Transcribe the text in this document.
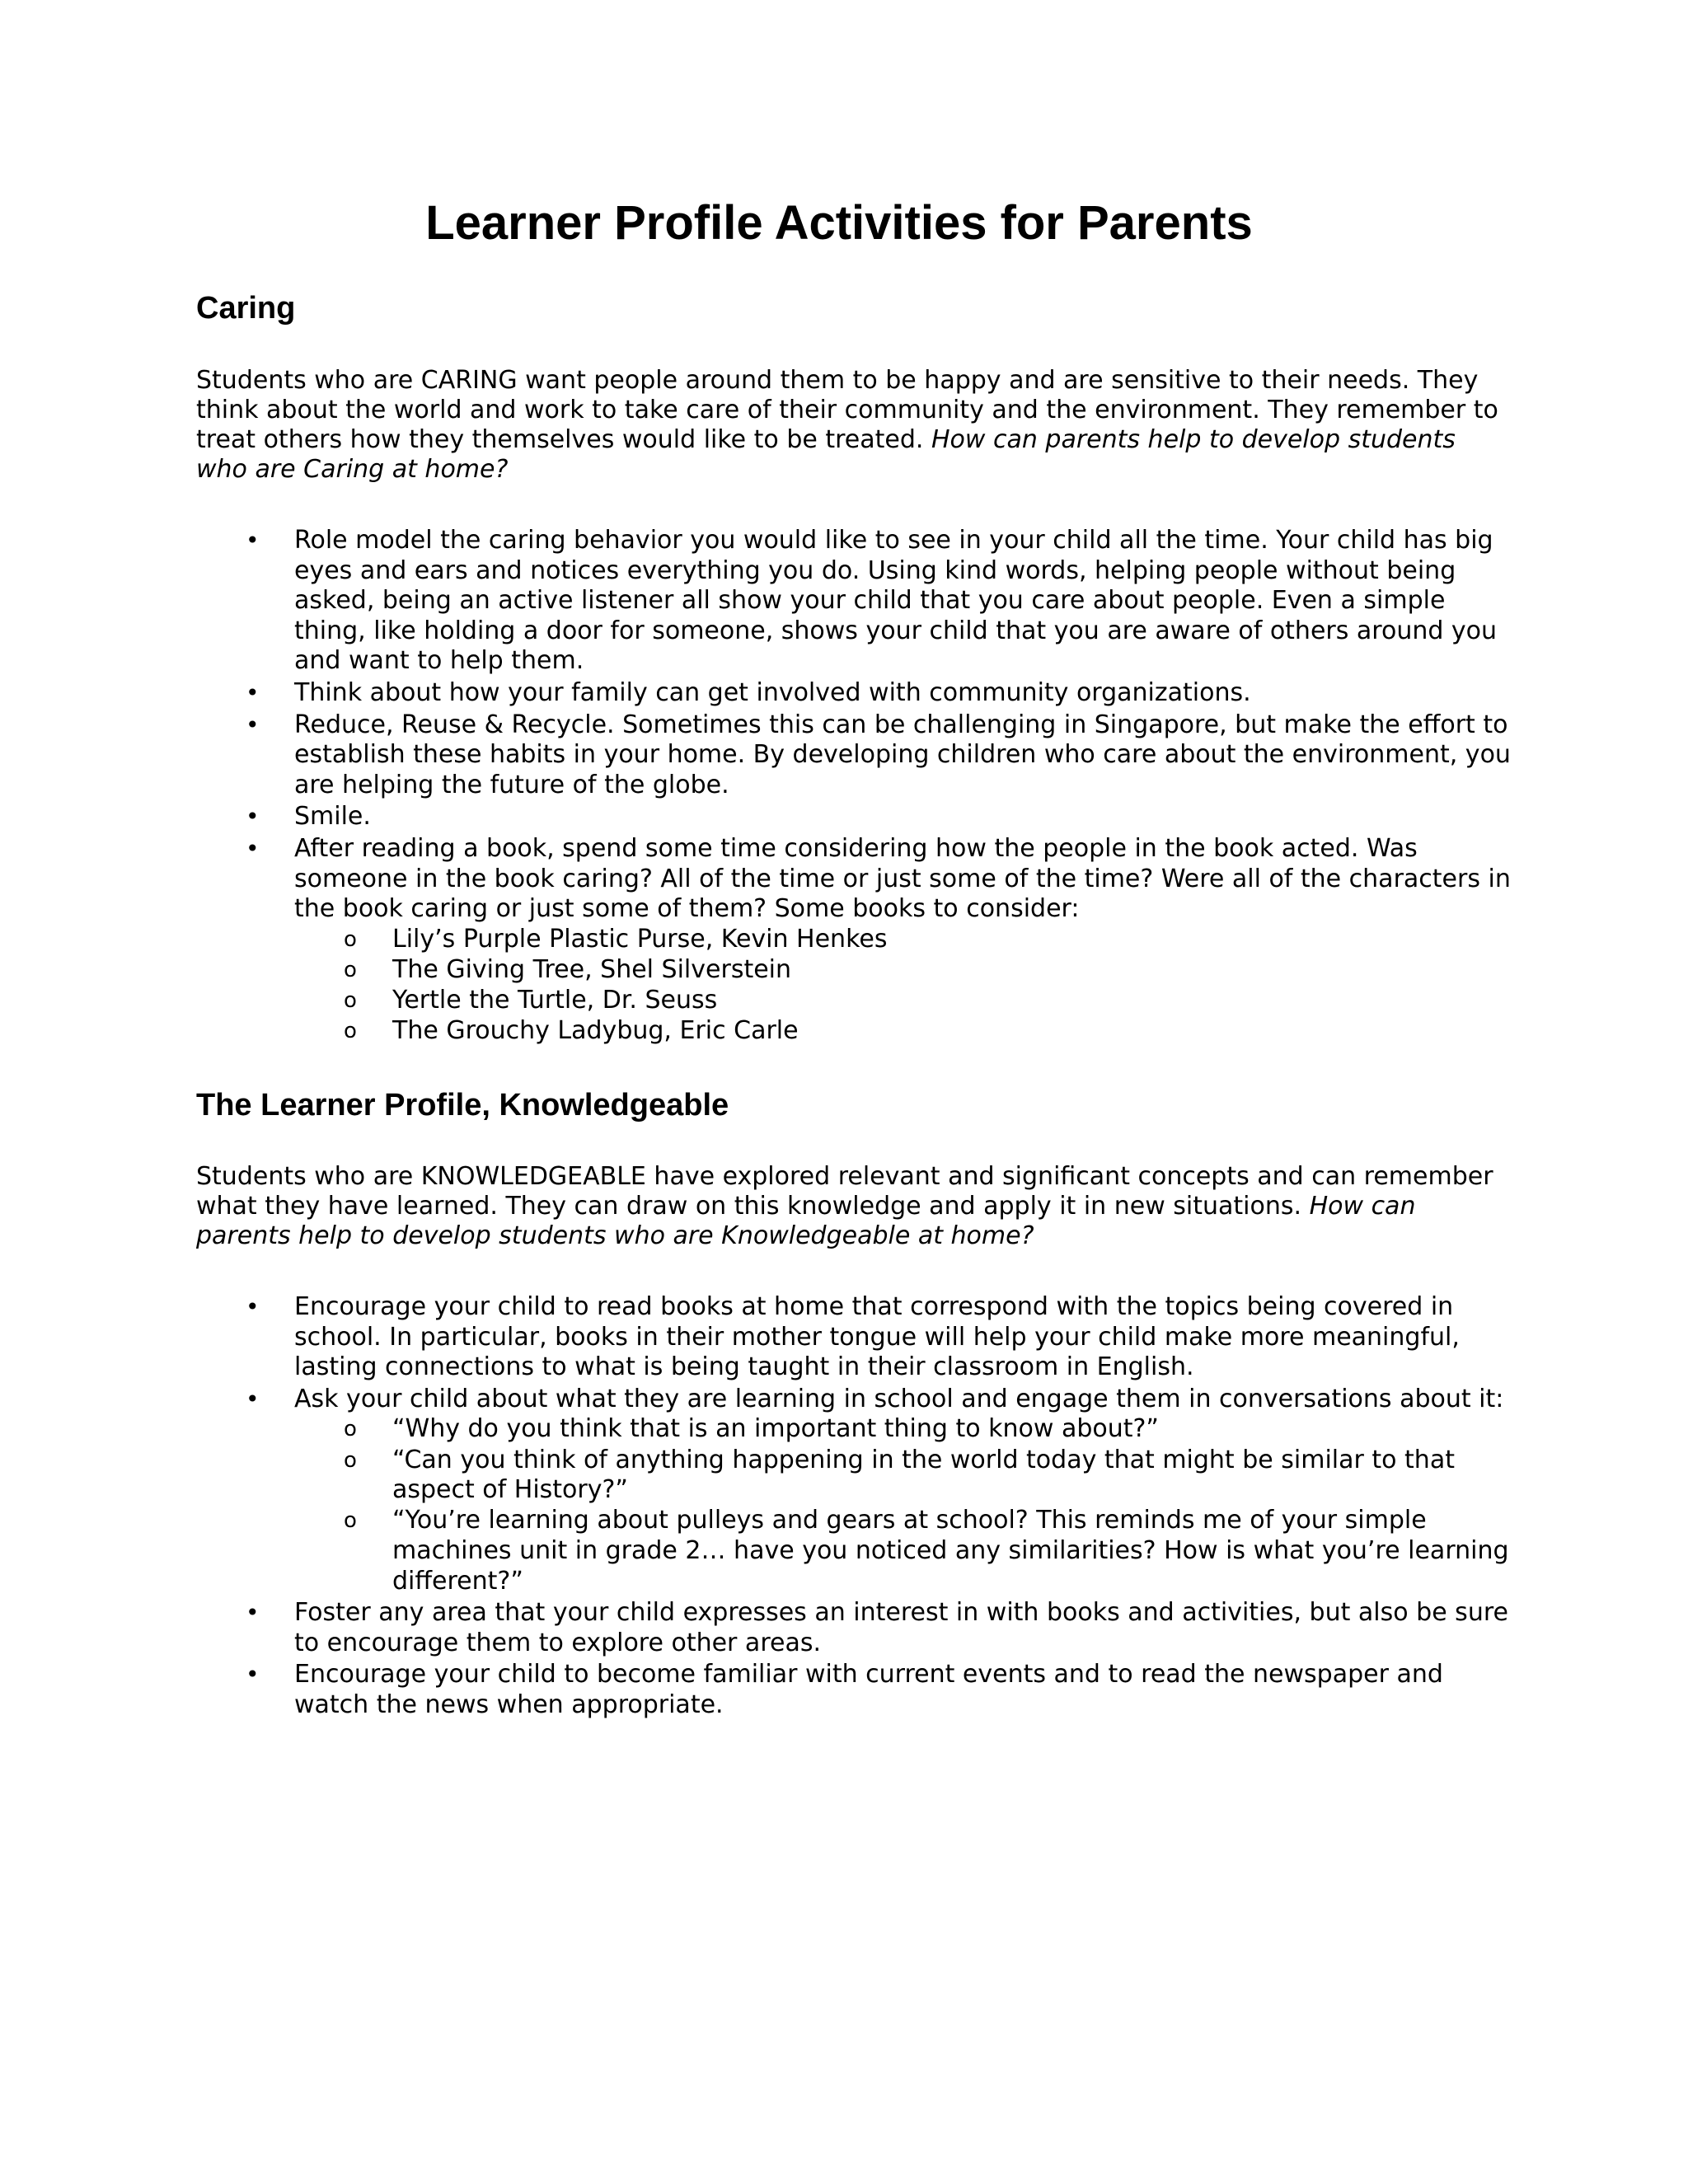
Learner Profile Activities for Parents
Caring

Students who are CARING want people around them to be happy and are sensitive to their needs. They think about the world and work to take care of their community and the environment. They remember to treat others how they themselves would like to be treated. How can parents help to develop students who are Caring at home?

• Role model the caring behavior you would like to see in your child all the time. Your child has big eyes and ears and notices everything you do. Using kind words, helping people without being asked, being an active listener all show your child that you care about people. Even a simple thing, like holding a door for someone, shows your child that you are aware of others around you and want to help them.
• Think about how your family can get involved with community organizations.
• Reduce, Reuse & Recycle. Sometimes this can be challenging in Singapore, but make the effort to establish these habits in your home. By developing children who care about the environment, you are helping the future of the globe.
• Smile.
• After reading a book, spend some time considering how the people in the book acted. Was someone in the book caring? All of the time or just some of the time? Were all of the characters in the book caring or just some of them? Some books to consider:
o Lily’s Purple Plastic Purse, Kevin Henkes
o The Giving Tree, Shel Silverstein
o Yertle the Turtle, Dr. Seuss
o The Grouchy Ladybug, Eric Carle
The Learner Profile, Knowledgeable

Students who are KNOWLEDGEABLE have explored relevant and significant concepts and can remember what they have learned. They can draw on this knowledge and apply it in new situations. How can parents help to develop students who are Knowledgeable at home?

• Encourage your child to read books at home that correspond with the topics being covered in school. In particular, books in their mother tongue will help your child make more meaningful, lasting connections to what is being taught in their classroom in English.
• Ask your child about what they are learning in school and engage them in conversations about it:
o “Why do you think that is an important thing to know about?”
o “Can you think of anything happening in the world today that might be similar to that aspect of History?”
o “You’re learning about pulleys and gears at school? This reminds me of your simple machines unit in grade 2… have you noticed any similarities? How is what you’re learning different?”
• Foster any area that your child expresses an interest in with books and activities, but also be sure to encourage them to explore other areas.
• Encourage your child to become familiar with current events and to read the newspaper and watch the news when appropriate.
